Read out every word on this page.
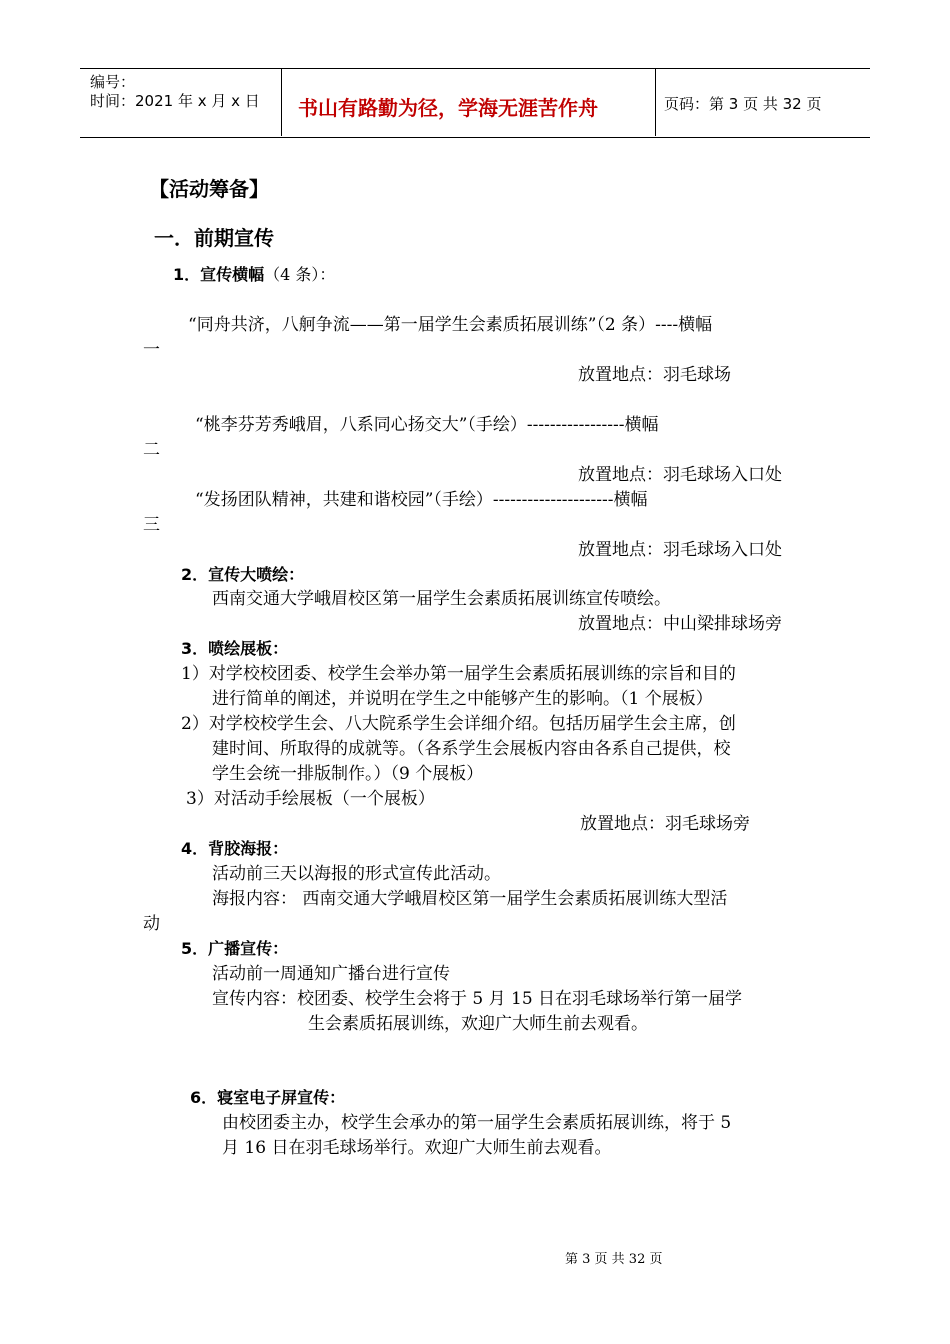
编号：
时间：2021 年 x 月 x 日 书山有路勤为径，学海无涯苦作舟	页码：第 3 页 共 32 页
【活动筹备】
一．前期宣传
1．宣传横幅（4 条）：
“同舟共济，八舸争流——第一届学生会素质拓展训练”（2 条）----横幅
一
放置地点：羽毛球场
“桃李芬芳秀峨眉，八系同心扬交大”（手绘）-----------------横幅
二
放置地点：羽毛球场入口处
“发扬团队精神，共建和谐校园”（手绘）---------------------横幅
三
放置地点：羽毛球场入口处
2．宣传大喷绘：
西南交通大学峨眉校区第一届学生会素质拓展训练宣传喷绘。
放置地点：中山梁排球场旁
3．喷绘展板：
1）对学校校团委、校学生会举办第一届学生会素质拓展训练的宗旨和目的
进行简单的阐述，并说明在学生之中能够产生的影响。（1 个展板）
2）对学校校学生会、八大院系学生会详细介绍。包括历届学生会主席，创
建时间、所取得的成就等。（各系学生会展板内容由各系自己提供，校
学生会统一排版制作。）（9 个展板）
3）对活动手绘展板（一个展板）
放置地点：羽毛球场旁
4．背胶海报：
活动前三天以海报的形式宣传此活动。
海报内容： 西南交通大学峨眉校区第一届学生会素质拓展训练大型活
动
5．广播宣传：
活动前一周通知广播台进行宣传
宣传内容：校团委、校学生会将于 5 月 15 日在羽毛球场举行第一届学
生会素质拓展训练，欢迎广大师生前去观看。
6．寝室电子屏宣传：
由校团委主办，校学生会承办的第一届学生会素质拓展训练，将于 5
月 16 日在羽毛球场举行。欢迎广大师生前去观看。
第 3 页 共 32 页
